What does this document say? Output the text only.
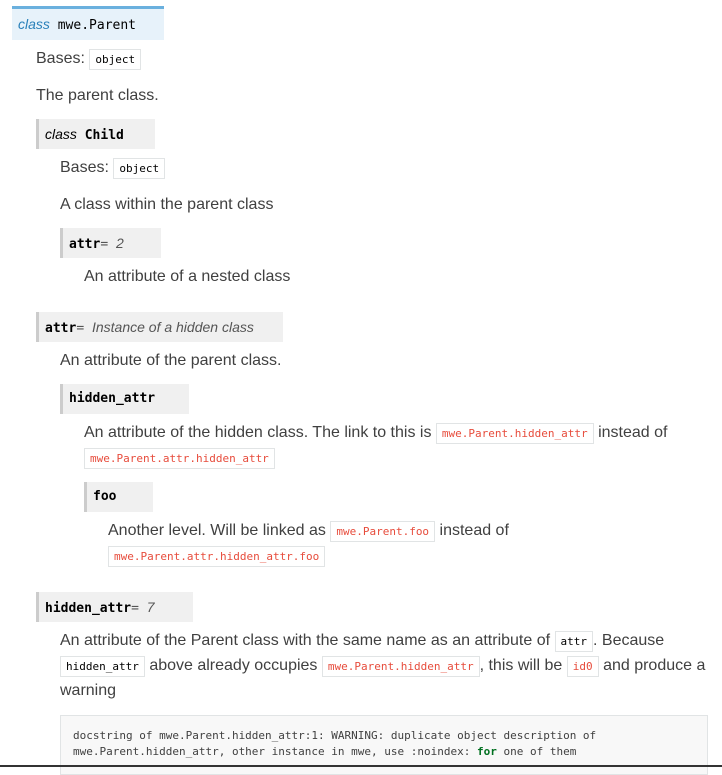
class mwe.Parent
Bases: object
The parent class.
class Child
Bases: object
A class within the parent class
attr= 2
An attribute of a nested class
attr= Instance of a hidden class
An attribute of the parent class.
hidden_attr
An attribute of the hidden class. The link to this is mwe.Parent.hidden_attr instead of
mwe.Parent.attr.hidden_attr
foo
Another level. Will be linked as mwe.Parent.foo instead of
mwe.Parent.attr.hidden_attr.foo
hidden_attr= 7
An attribute of the Parent class with the same name as an attribute of attr . Because
hidden_attr above already occupies mwe.Parent.hidden_attr , this will be id0 and produce a
warning
docstring of mwe.Parent.hidden_attr:1: WARNING: duplicate object description of
mwe.Parent.hidden_attr, other instance in mwe, use :noindex: for one of them
